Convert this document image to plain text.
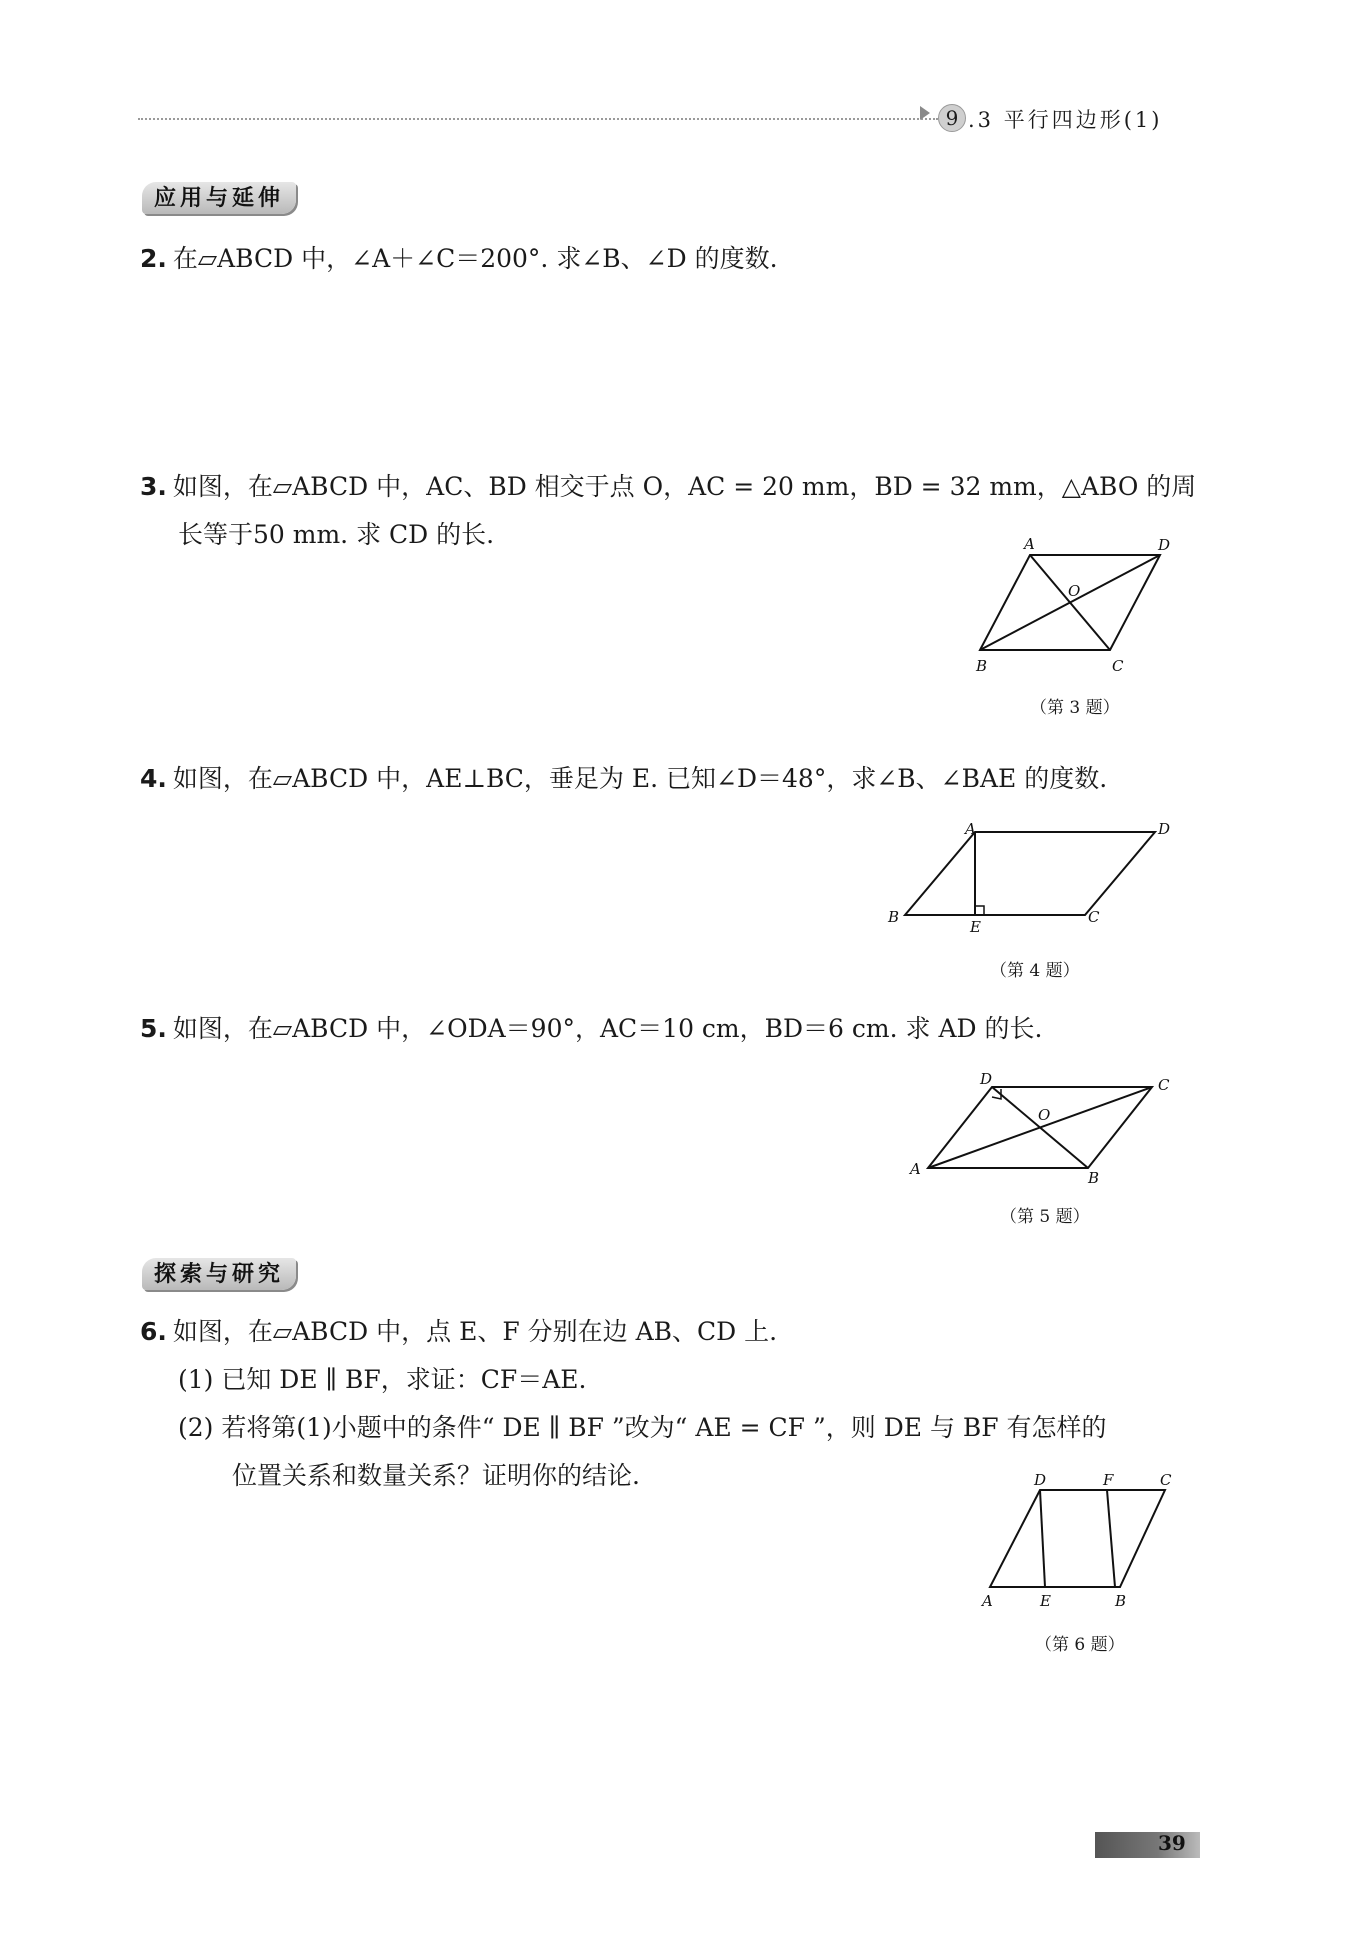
9 .3 平行四边形(1)
应用与延伸
2. 在▱ABCD 中，∠A＋∠C＝200°. 求∠B、∠D 的度数.
3. 如图，在▱ABCD 中，AC、BD 相交于点 O，AC = 20 mm，BD = 32 mm，△ABO 的周
长等于50 mm. 求 CD 的长.	A	D
O
B	C
（第 3 题）
4. 如图，在▱ABCD 中，AE⊥BC，垂足为 E. 已知∠D＝48°，求∠B、∠BAE 的度数.
A	D
B
E
C
（第 4 题）
5. 如图，在▱ABCD 中，∠ODA＝90°，AC＝10 cm，BD＝6 cm. 求 AD 的长.
D	C
O
A	B
（第 5 题）
探索与研究
6. 如图，在▱ABCD 中，点 E、F 分别在边 AB、CD 上.
(1) 已知 DE ∥ BF，求证：CF＝AE.
(2) 若将第(1)小题中的条件“ DE ∥ BF ”改为“ AE = CF ”，则 DE 与 BF 有怎样的
位置关系和数量关系？证明你的结论.	D	F	C
A	E	B
（第 6 题）
39
